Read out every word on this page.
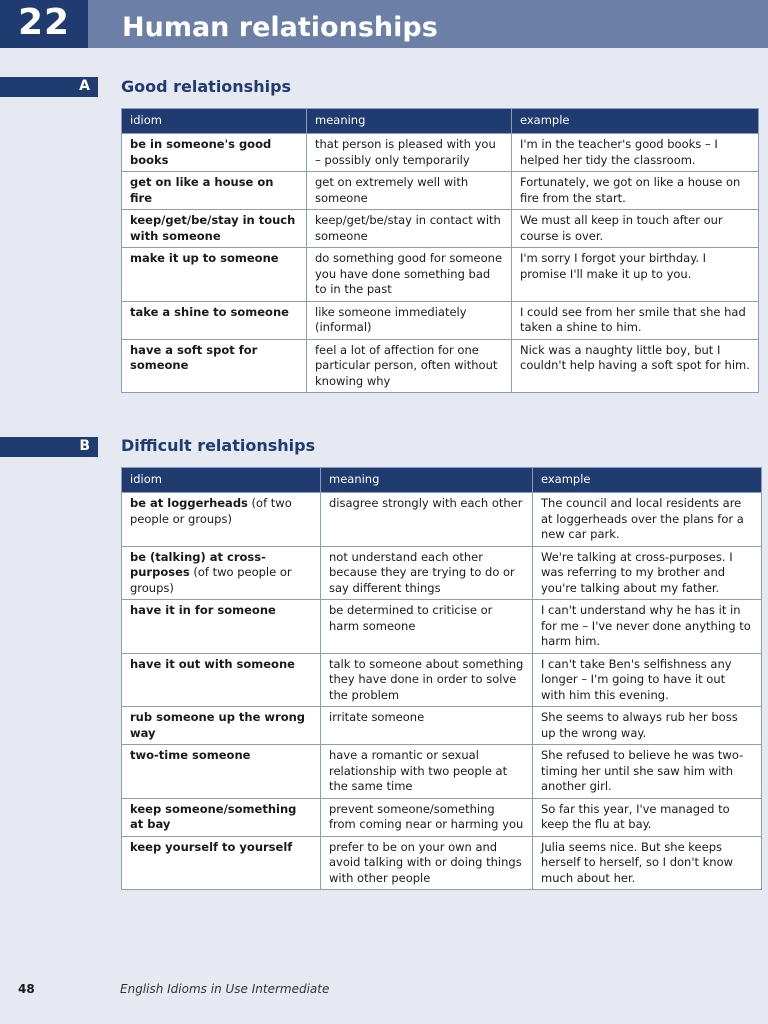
22 Human relationships
A Good relationships
idiom	meaning	example
be in someone's good books	that person is pleased with you – possibly only temporarily	I'm in the teacher's good books – I helped her tidy the classroom.
get on like a house on fire	get on extremely well with someone	Fortunately, we got on like a house on fire from the start.
keep/get/be/stay in touch with someone	keep/get/be/stay in contact with someone	We must all keep in touch after our course is over.
make it up to someone	do something good for someone you have done something bad to in the past	I'm sorry I forgot your birthday. I promise I'll make it up to you.
take a shine to someone	like someone immediately (informal)	I could see from her smile that she had taken a shine to him.
have a soft spot for someone	feel a lot of affection for one particular person, often without knowing why	Nick was a naughty little boy, but I couldn't help having a soft spot for him.
B Difficult relationships
idiom	meaning	example
be at loggerheads (of two people or groups)	disagree strongly with each other	The council and local residents are at loggerheads over the plans for a new car park.
be (talking) at cross-purposes (of two people or groups)	not understand each other because they are trying to do or say different things	We're talking at cross-purposes. I was referring to my brother and you're talking about my father.
have it in for someone	be determined to criticise or harm someone	I can't understand why he has it in for me – I've never done anything to harm him.
have it out with someone	talk to someone about something they have done in order to solve the problem	I can't take Ben's selfishness any longer – I'm going to have it out with him this evening.
rub someone up the wrong way	irritate someone	She seems to always rub her boss up the wrong way.
two-time someone	have a romantic or sexual relationship with two people at the same time	She refused to believe he was two-timing her until she saw him with another girl.
keep someone/something at bay	prevent someone/something from coming near or harming you	So far this year, I've managed to keep the flu at bay.
keep yourself to yourself	prefer to be on your own and avoid talking with or doing things with other people	Julia seems nice. But she keeps herself to herself, so I don't know much about her.
48	English Idioms in Use Intermediate
